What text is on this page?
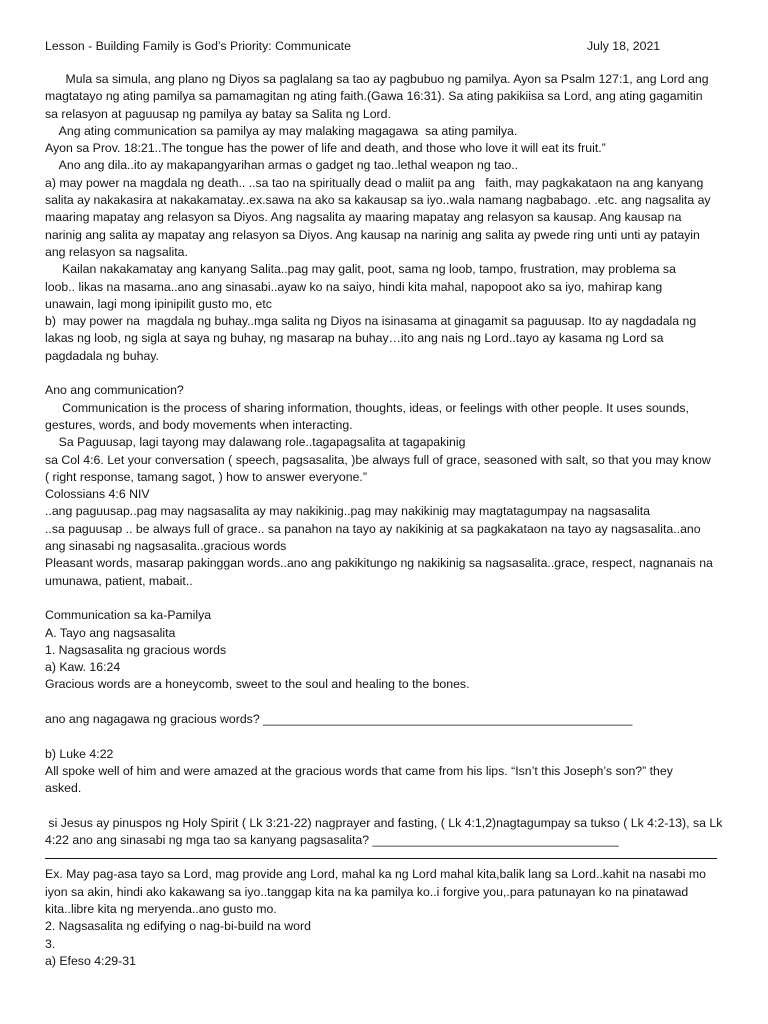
Lesson - Building Family is God’s Priority: Communicate	July 18, 2021

Mula sa simula, ang plano ng Diyos sa paglalang sa tao ay pagbubuo ng pamilya. Ayon sa Psalm 127:1, ang Lord ang

magtatayo ng ating pamilya sa pamamagitan ng ating faith.(Gawa 16:31). Sa ating pakikiisa sa Lord, ang ating gagamitin

sa relasyon at paguusap ng pamilya ay batay sa Salita ng Lord.

Ang ating communication sa pamilya ay may malaking magagawa  sa ating pamilya.

Ayon sa Prov. 18:21..The tongue has the power of life and death, and those who love it will eat its fruit.”

Ano ang dila..ito ay makapangyarihan armas o gadget ng tao..lethal weapon ng tao..

a) may power na magdala ng death.. ..sa tao na spiritually dead o maliit pa ang   faith, may pagkakataon na ang kanyang

salita ay nakakasira at nakakamatay..ex.sawa na ako sa kakausap sa iyo..wala namang nagbabago. .etc. ang nagsalita ay

maaring mapatay ang relasyon sa Diyos. Ang nagsalita ay maaring mapatay ang relasyon sa kausap. Ang kausap na

narinig ang salita ay mapatay ang relasyon sa Diyos. Ang kausap na narinig ang salita ay pwede ring unti unti ay patayin

ang relasyon sa nagsalita.

Kailan nakakamatay ang kanyang Salita..pag may galit, poot, sama ng loob, tampo, frustration, may problema sa

loob.. likas na masama..ano ang sinasabi..ayaw ko na saiyo, hindi kita mahal, napopoot ako sa iyo, mahirap kang

unawain, lagi mong ipinipilit gusto mo, etc

b)  may power na  magdala ng buhay..mga salita ng Diyos na isinasama at ginagamit sa paguusap. Ito ay nagdadala ng

lakas ng loob, ng sigla at saya ng buhay, ng masarap na buhay…ito ang nais ng Lord..tayo ay kasama ng Lord sa

pagdadala ng buhay.

Ano ang communication?

Communication is the process of sharing information, thoughts, ideas, or feelings with other people. It uses sounds,

gestures, words, and body movements when interacting.

Sa Paguusap, lagi tayong may dalawang role..tagapagsalita at tagapakinig

sa Col 4:6. Let your conversation ( speech, pagsasalita, )be always full of grace, seasoned with salt, so that you may know

( right response, tamang sagot, ) how to answer everyone.”

Colossians 4:6 NIV

..ang paguusap..pag may nagsasalita ay may nakikinig..pag may nakikinig may magtatagumpay na nagsasalita

..sa paguusap .. be always full of grace.. sa panahon na tayo ay nakikinig at sa pagkakataon na tayo ay nagsasalita..ano

ang sinasabi ng nagsasalita..gracious words

Pleasant words, masarap pakinggan words..ano ang pakikitungo ng nakikinig sa nagsasalita..grace, respect, nagnanais na

umunawa, patient, mabait..

Communication sa ka-Pamilya

A. Tayo ang nagsasalita

1. Nagsasalita ng gracious words

a) Kaw. 16:24

Gracious words are a honeycomb, sweet to the soul and healing to the bones.

ano ang nagagawa ng gracious words? ______________________________________________________

b) Luke 4:22

All spoke well of him and were amazed at the gracious words that came from his lips. “Isn’t this Joseph’s son?” they

asked.

si Jesus ay pinuspos ng Holy Spirit ( Lk 3:21-22) nagprayer and fasting, ( Lk 4:1,2)nagtagumpay sa tukso ( Lk 4:2-13), sa Lk

4:22 ano ang sinasabi ng mga tao sa kanyang pagsasalita? ____________________________________

Ex. May pag-asa tayo sa Lord, mag provide ang Lord, mahal ka ng Lord mahal kita,balik lang sa Lord..kahit na nasabi mo

iyon sa akin, hindi ako kakawang sa iyo..tanggap kita na ka pamilya ko..i forgive you,.para patunayan ko na pinatawad

kita..libre kita ng meryenda..ano gusto mo.

2. Nagsasalita ng edifying o nag-bi-build na word

3.

a) Efeso 4:29-31
